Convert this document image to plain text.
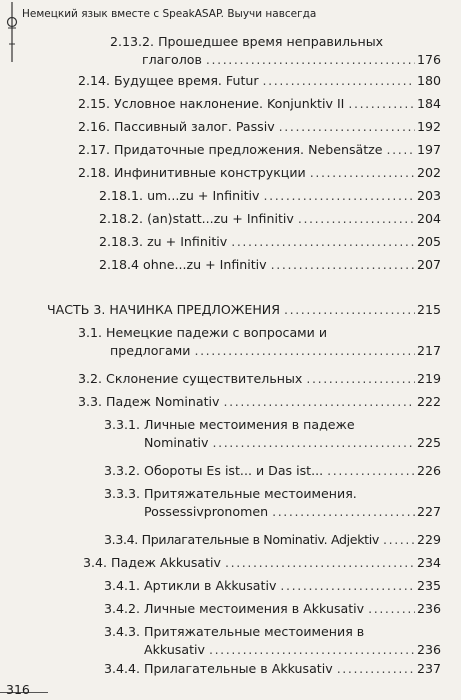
Немецкий язык вместе с SpeakASAP. Выучи навсегда
2.13.2. Прошедшее время неправильных
глаголов .....	176
2.14. Будущее время. Futur .....	180
2.15. Условное наклонение. Konjunktiv II .....	184
2.16. Пассивный залог. Passiv .....	192
2.17. Придаточные предложения. Nebensätze .....	197
2.18. Инфинитивные конструкции .....	202
2.18.1. um...zu + Infinitiv .....	203
2.18.2. (an)statt...zu + Infinitiv .....	204
2.18.3. zu + Infinitiv .....	205
2.18.4 ohne...zu + Infinitiv .....	207
ЧАСТЬ 3. НАЧИНКА ПРЕДЛОЖЕНИЯ .....	215
3.1. Немецкие падежи с вопросами и
предлогами .....	217
3.2. Склонение существительных .....	219
3.3. Падеж Nominativ .....	222
3.3.1. Личные местоимения в падеже
Nominativ .....	225
3.3.2. Обороты Es ist... и Das ist... .....	226
3.3.3. Притяжательные местоимения.
Possessivpronomen .....	227
3.3.4. Прилагательные в Nominativ. Adjektiv .....	229
3.4. Падеж Akkusativ .....	234
3.4.1. Артикли в Akkusativ .....	235
3.4.2. Личные местоимения в Akkusativ .....	236
3.4.3. Притяжательные местоимения в
Akkusativ .....	236
3.4.4. Прилагательные в Akkusativ .....	237
316
